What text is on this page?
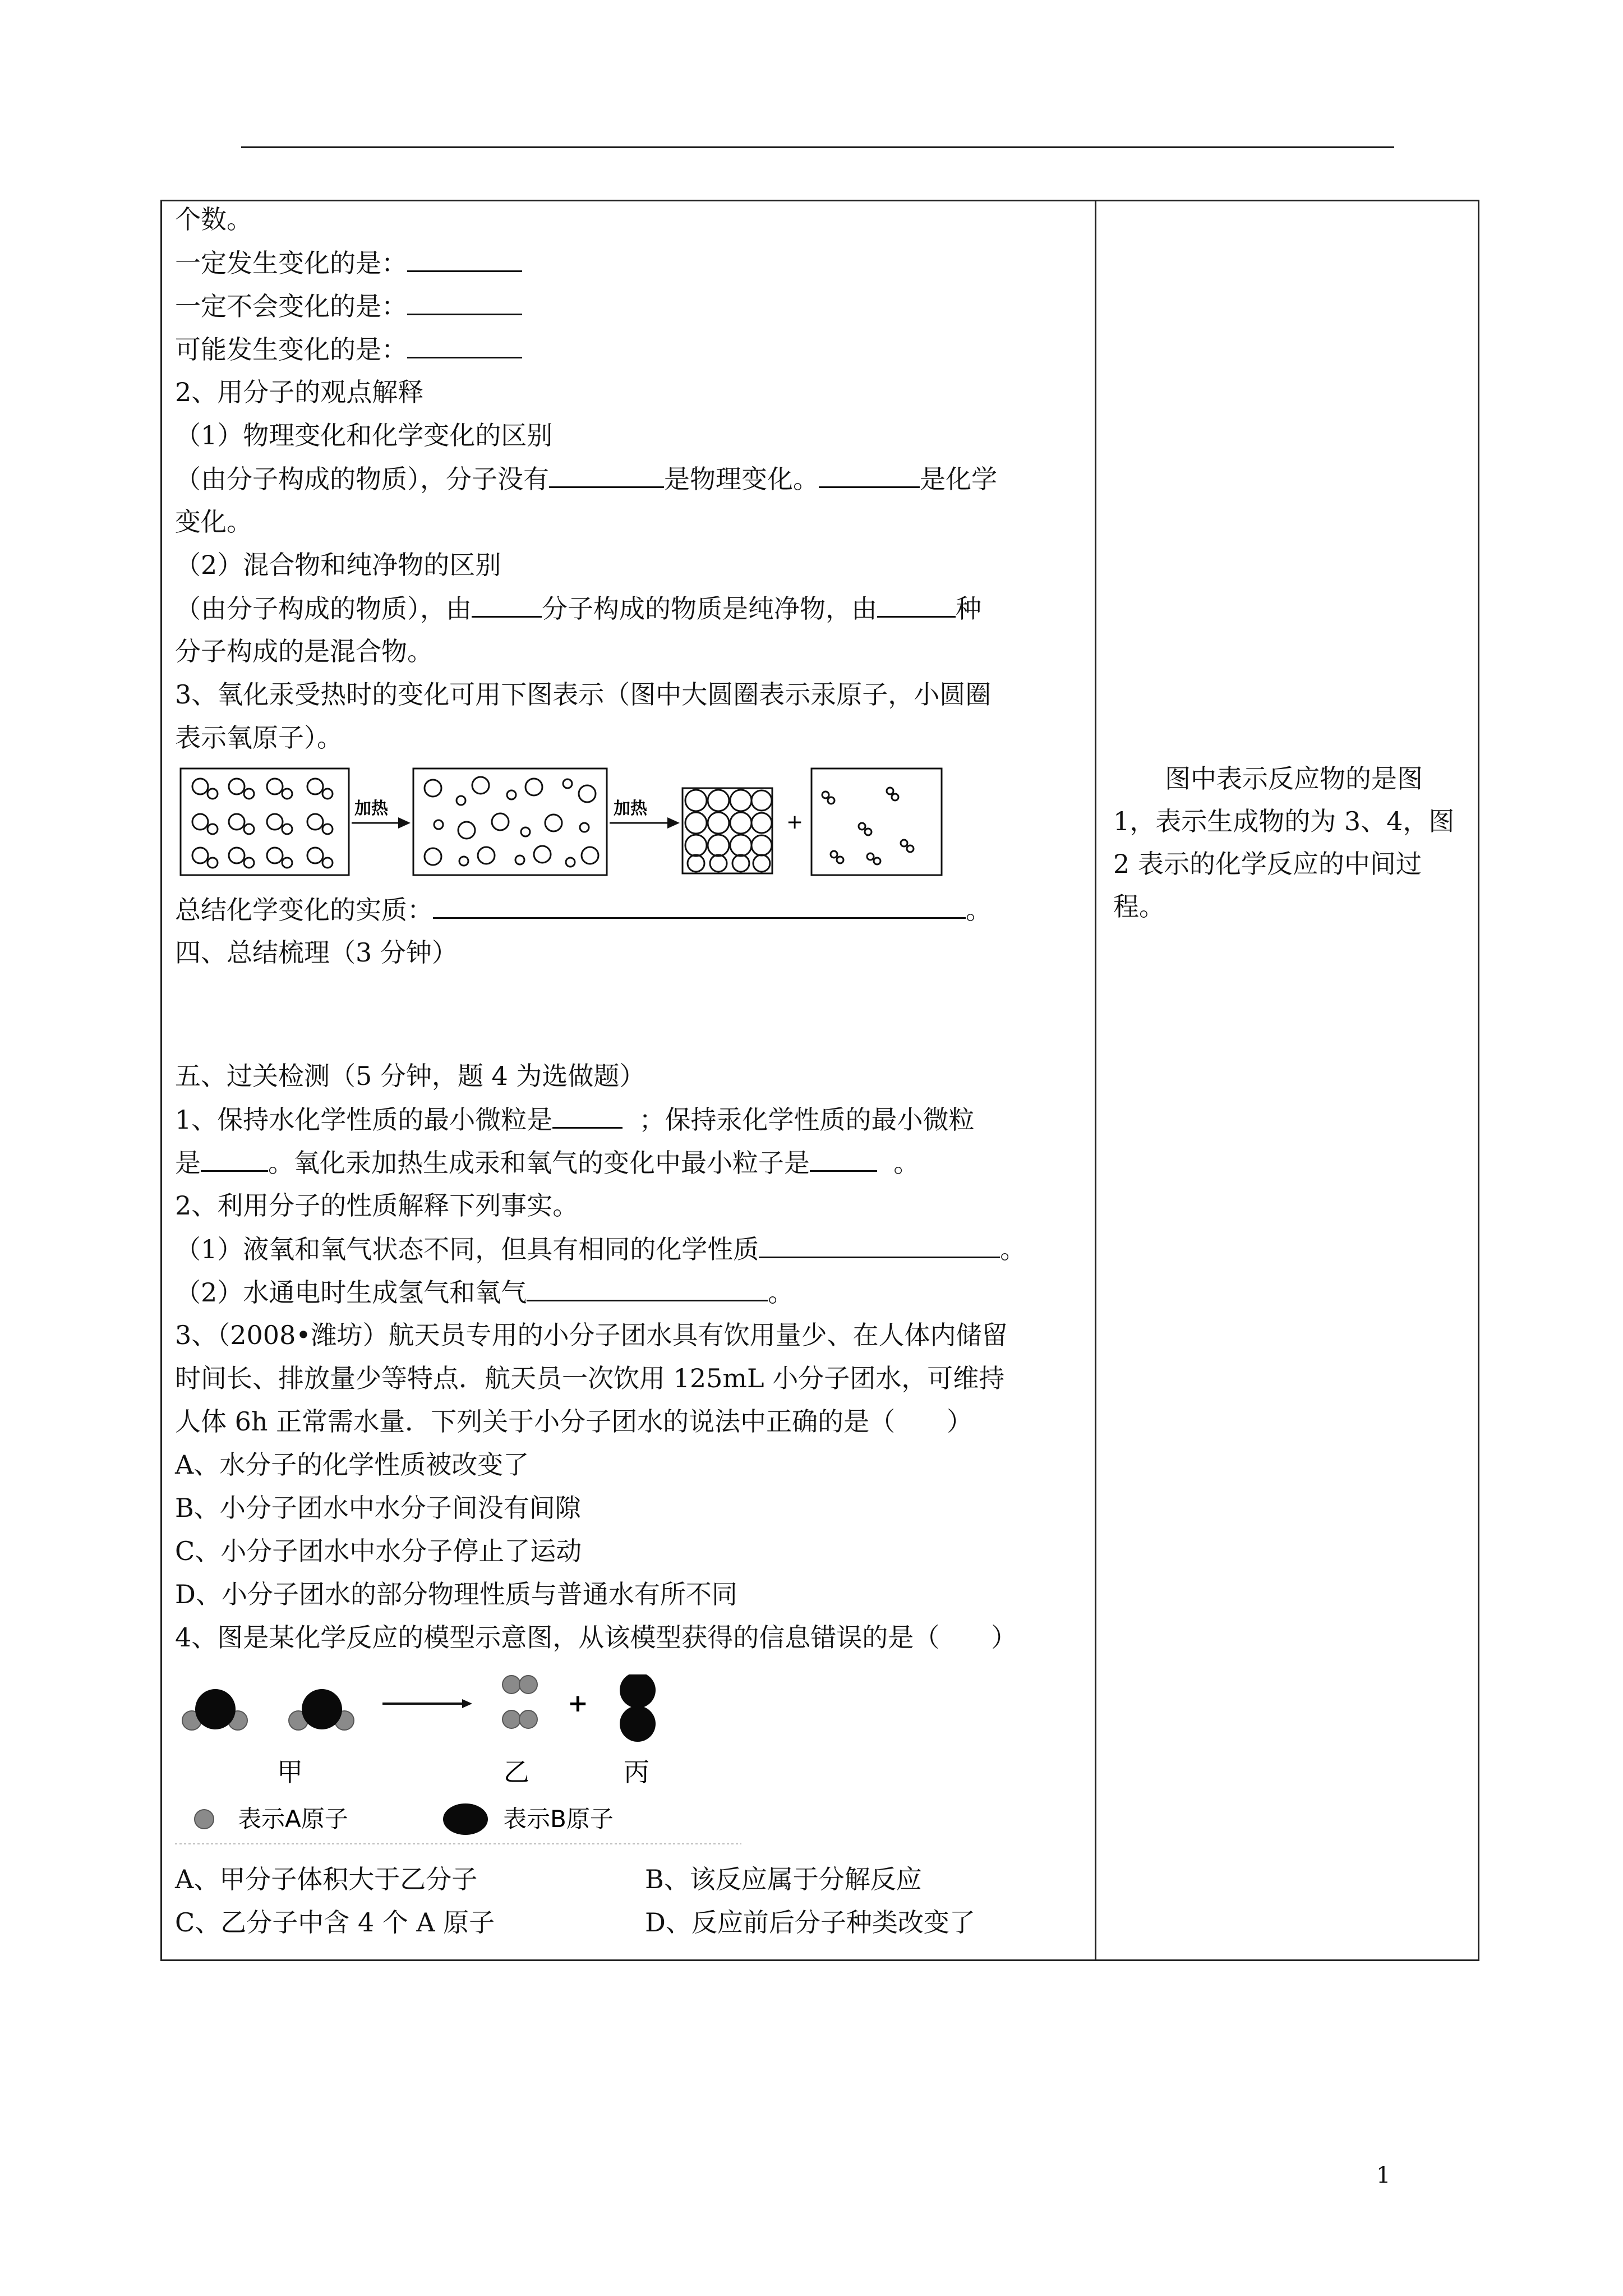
个数。
一定发生变化的是：
一定不会变化的是：
可能发生变化的是：
2、用分子的观点解释
（1）物理变化和化学变化的区别
（由分子构成的物质），分子没有	是物理变化。	是化学
变化。
（2）混合物和纯净物的区别
（由分子构成的物质），由	分子构成的物质是纯净物，由	种
分子构成的是混合物。
3、氧化汞受热时的变化可用下图表示（图中大圆圈表示汞原子，小圆圈
表示氧原子）。
加热	加热
+
总结化学变化的实质：	。
四、总结梳理（3 分钟）
五、过关检测（5 分钟，题 4 为选做题）
1、保持水化学性质的最小微粒是	；保持汞化学性质的最小微粒
是	。氧化汞加热生成汞和氧气的变化中最小粒子是	。
2、利用分子的性质解释下列事实。
（1）液氧和氧气状态不同，但具有相同的化学性质	。
（2）水通电时生成氢气和氧气	。
3、（2008•潍坊）航天员专用的小分子团水具有饮用量少、在人体内储留
时间长、排放量少等特点．航天员一次饮用 125mL 小分子团水，可维持
人体 6h 正常需水量．下列关于小分子团水的说法中正确的是（　　）
A、水分子的化学性质被改变了
B、小分子团水中水分子间没有间隙
C、小分子团水中水分子停止了运动
D、小分子团水的部分物理性质与普通水有所不同
4、图是某化学反应的模型示意图，从该模型获得的信息错误的是（　　）
+
甲	乙	丙
表示A原子	表示B原子
A、甲分子体积大于乙分子	B、该反应属于分解反应
C、乙分子中含 4 个 A 原子	D、反应前后分子种类改变了
图中表示反应物的是图 1，表示生成物的为 3、4，图 2 表示的化学反应的中间过程。
1
